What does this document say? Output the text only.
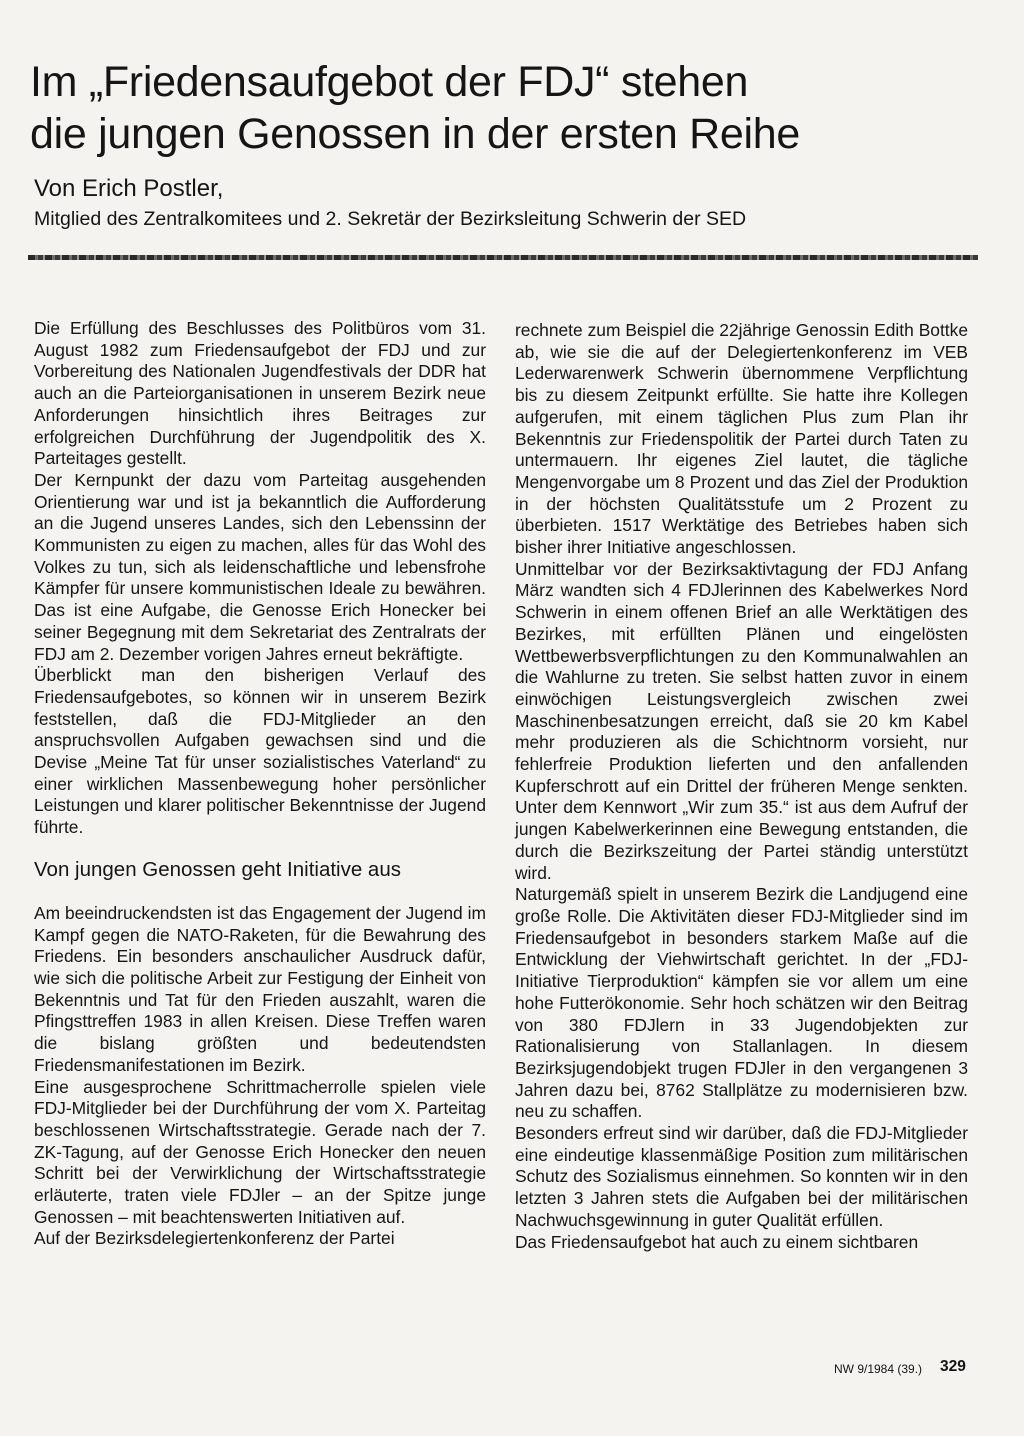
Im „Friedensaufgebot der FDJ“ stehen
die jungen Genossen in der ersten Reihe
Von Erich Postler,
Mitglied des Zentralkomitees und 2. Sekretär der Bezirksleitung Schwerin der SED

Die Erfüllung des Beschlusses des Politbüros vom 31. August 1982 zum Friedensaufgebot der FDJ und zur Vorbereitung des Nationalen Jugendfestivals der DDR hat auch an die Parteiorganisationen in unserem Bezirk neue Anforderungen hinsichtlich ihres Beitrages zur erfolgreichen Durchführung der Jugendpolitik des X. Parteitages gestellt.

Der Kernpunkt der dazu vom Parteitag ausgehenden Orientierung war und ist ja bekanntlich die Aufforderung an die Jugend unseres Landes, sich den Lebenssinn der Kommunisten zu eigen zu machen, alles für das Wohl des Volkes zu tun, sich als leidenschaftliche und lebensfrohe Kämpfer für unsere kommunistischen Ideale zu bewähren. Das ist eine Aufgabe, die Genosse Erich Honecker bei seiner Begegnung mit dem Sekretariat des Zentralrats der FDJ am 2. Dezember vorigen Jahres erneut bekräftigte.

Überblickt man den bisherigen Verlauf des Friedensaufgebotes, so können wir in unserem Bezirk feststellen, daß die FDJ-Mitglieder an den anspruchsvollen Aufgaben gewachsen sind und die Devise „Meine Tat für unser sozialistisches Vaterland“ zu einer wirklichen Massenbewegung hoher persönlicher Leistungen und klarer politischer Bekenntnisse der Jugend führte.

Von jungen Genossen geht Initiative aus

Am beeindruckendsten ist das Engagement der Jugend im Kampf gegen die NATO-Raketen, für die Bewahrung des Friedens. Ein besonders anschaulicher Ausdruck dafür, wie sich die politische Arbeit zur Festigung der Einheit von Bekenntnis und Tat für den Frieden auszahlt, waren die Pfingsttreffen 1983 in allen Kreisen. Diese Treffen waren die bislang größten und bedeutendsten Friedensmanifestationen im Bezirk.

Eine ausgesprochene Schrittmacherrolle spielen viele FDJ-Mitglieder bei der Durchführung der vom X. Parteitag beschlossenen Wirtschaftsstrategie. Gerade nach der 7. ZK-Tagung, auf der Genosse Erich Honecker den neuen Schritt bei der Verwirklichung der Wirtschaftsstrategie erläuterte, traten viele FDJler – an der Spitze junge Genossen – mit beachtenswerten Initiativen auf.

Auf der Bezirksdelegiertenkonferenz der Partei

rechnete zum Beispiel die 22jährige Genossin Edith Bottke ab, wie sie die auf der Delegiertenkonferenz im VEB Lederwarenwerk Schwerin übernommene Verpflichtung bis zu diesem Zeitpunkt erfüllte. Sie hatte ihre Kollegen aufgerufen, mit einem täglichen Plus zum Plan ihr Bekenntnis zur Friedenspolitik der Partei durch Taten zu untermauern. Ihr eigenes Ziel lautet, die tägliche Mengenvorgabe um 8 Prozent und das Ziel der Produktion in der höchsten Qualitätsstufe um 2 Prozent zu überbieten. 1517 Werktätige des Betriebes haben sich bisher ihrer Initiative angeschlossen.

Unmittelbar vor der Bezirksaktivtagung der FDJ Anfang März wandten sich 4 FDJlerinnen des Kabelwerkes Nord Schwerin in einem offenen Brief an alle Werktätigen des Bezirkes, mit erfüllten Plänen und eingelösten Wettbewerbsverpflichtungen zu den Kommunalwahlen an die Wahlurne zu treten. Sie selbst hatten zuvor in einem einwöchigen Leistungsvergleich zwischen zwei Maschinenbesatzungen erreicht, daß sie 20 km Kabel mehr produzieren als die Schichtnorm vorsieht, nur fehlerfreie Produktion lieferten und den anfallenden Kupferschrott auf ein Drittel der früheren Menge senkten. Unter dem Kennwort „Wir zum 35.“ ist aus dem Aufruf der jungen Kabelwerkerinnen eine Bewegung entstanden, die durch die Bezirkszeitung der Partei ständig unterstützt wird.

Naturgemäß spielt in unserem Bezirk die Landjugend eine große Rolle. Die Aktivitäten dieser FDJ-Mitglieder sind im Friedensaufgebot in besonders starkem Maße auf die Entwicklung der Viehwirtschaft gerichtet. In der „FDJ-Initiative Tierproduktion“ kämpfen sie vor allem um eine hohe Futterökonomie. Sehr hoch schätzen wir den Beitrag von 380 FDJlern in 33 Jugendobjekten zur Rationalisierung von Stallanlagen. In diesem Bezirksjugendobjekt trugen FDJler in den vergangenen 3 Jahren dazu bei, 8762 Stallplätze zu modernisieren bzw. neu zu schaffen.

Besonders erfreut sind wir darüber, daß die FDJ-Mitglieder eine eindeutige klassenmäßige Position zum militärischen Schutz des Sozialismus einnehmen. So konnten wir in den letzten 3 Jahren stets die Aufgaben bei der militärischen Nachwuchsgewinnung in guter Qualität erfüllen.

Das Friedensaufgebot hat auch zu einem sichtbaren

NW 9/1984 (39.) 329
